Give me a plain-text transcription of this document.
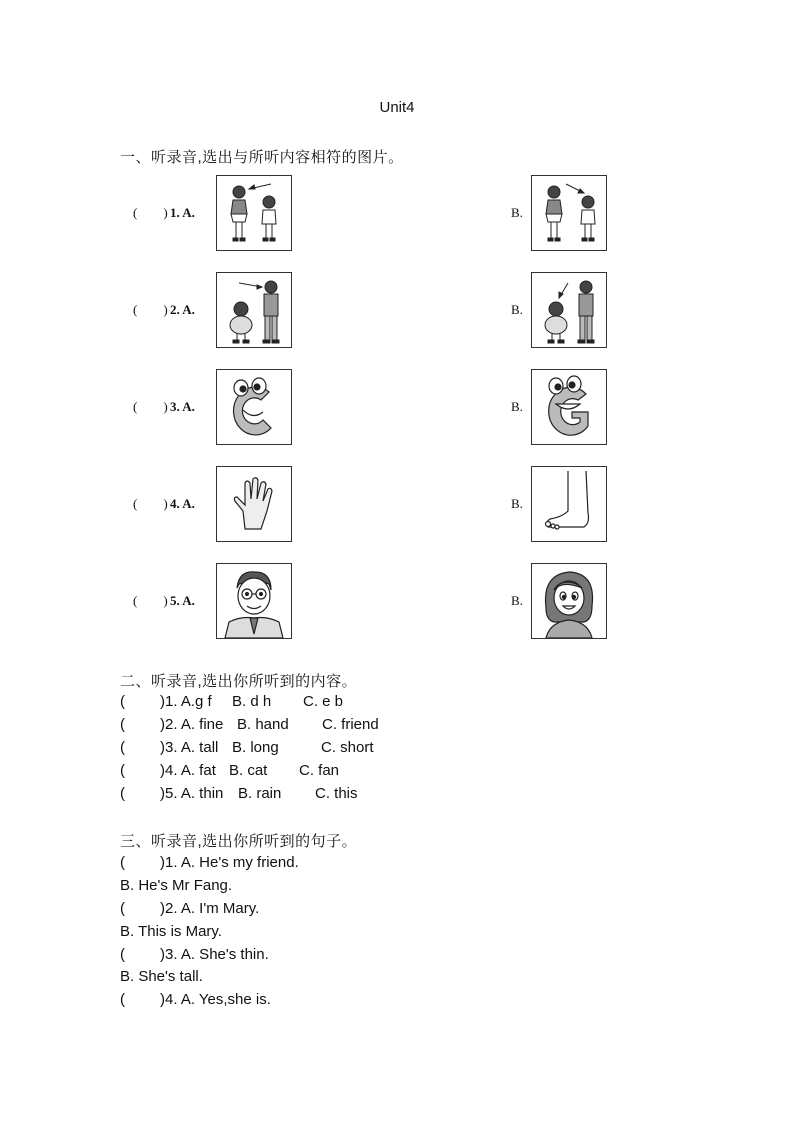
Unit4
一、听录音,选出与所听内容相符的图片。
(        ) 1. A.	B.
(        ) 2. A.	B.
(        ) 3. A.	B.
(        ) 4. A.	B.
(        ) 5. A.	B.
二、听录音,选出你所听到的内容。
( )1. A.g f B. d h C. e b
( )2. A. fine B. hand C. friend
( )3. A. tall B. long	C. short
( )4. A. fat B. cat C. fan
( )5. A. thin B. rain C. this
三、听录音,选出你所听到的句子。
( )1. A. He's my friend.
B. He's Mr Fang.
( )2. A. I'm Mary.
B. This is Mary.
( )3. A. She's thin.
B. She's tall.
( )4. A. Yes,she is.
